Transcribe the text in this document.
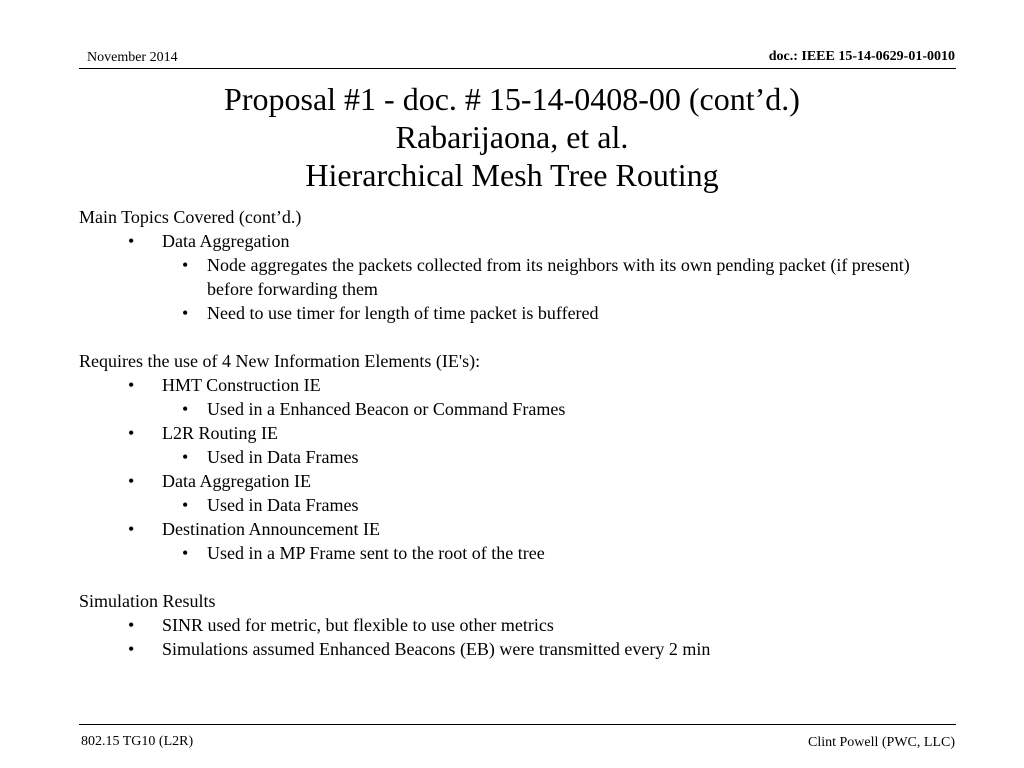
November 2014	doc.: IEEE 15-14-0629-01-0010
Proposal #1 - doc. # 15-14-0408-00 (cont’d.)
Rabarijaona, et al.
Hierarchical Mesh Tree Routing
Main Topics Covered (cont’d.)
• Data Aggregation
• Node aggregates the packets collected from its neighbors with its own pending packet (if present) before forwarding them
• Need to use timer for length of time packet is buffered
Requires the use of 4 New Information Elements (IE's):
• HMT Construction IE
• Used in a Enhanced Beacon or Command Frames
• L2R Routing IE
• Used in Data Frames
• Data Aggregation IE
• Used in Data Frames
• Destination Announcement IE
• Used in a MP Frame sent to the root of the tree
Simulation Results
• SINR used for metric, but flexible to use other metrics
• Simulations assumed Enhanced Beacons (EB) were transmitted every 2 min
802.15 TG10 (L2R)	Clint Powell (PWC, LLC)
